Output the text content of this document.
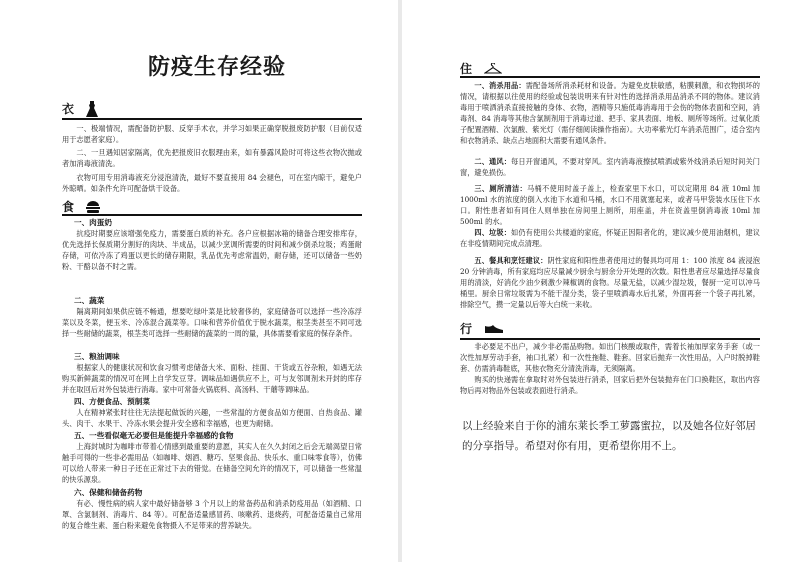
防疫生存经验
衣

一、极端情况，需配备防护服、反穿手术衣，并学习如果正确穿脱报废防护服（目前仅适用于志愿者家庭）。

二、一旦遇知居家隔离，优先把报废旧衣服理由来，如有暴露风险时可将这些衣物次抛或者加消毒液清洗。

衣物可用专用消毒液充分浸泡清洗，最好不要直接用 84 会褪色，可在室内晾干，避免户外晾晒。如条件允许可配备烘干设备。

食

一、肉蛋奶

抗疫时期要应该增强免疫力，需要蛋白质的补充。各户应根据冰箱的储备合理安排库存，优先选择长保质期分割好的肉块、半成品，以减少烹调所需要的时间和减少倒杀垃圾；鸡蛋耐存储，可依冷冻了鸡蛋以更长的储存期限，乳品优先考虑常温奶，耐存储，还可以储备一些奶粉、干酪以备不时之需。

二、蔬菜

隔离期间如果供应链不畅通，想要吃绿叶菜是比较奢侈的，家庭储备可以选择一些冷冻浮菜以及冬菜，便玉米、冷冻混合蔬菜等。口味和营养价值优于脱水蔬菜，根茎类甚至不同可选择一些耐储的蔬菜，根茎类可选择一些耐储的蔬菜的一周的量，具体需要看家庭的保存条件。

三、粮油调味

根据家人的健康状况和饮食习惯考虑储备大米、面粉、挂面、干货或五谷杂粮，如遇无法购买新鲜蔬菜的情况可在网上自学发豆芽。调味品如遇供应不上，可与友邻调剂未开封的库存并在取回后对外包装进行消毒。家中可常备火锅底料、高汤料、干蘑等调味品。

四、方便食品、预制菜

人在精神紧张时往往无法提起做饭的兴趣，一些常温的方便食品如方便面、自热食品、罐头、肉干、水果干、冷冻水果会提升安全感和幸福感，也更为耐储。

五、一些看似毫无必要但是能提升幸福感的食物

上海封城时为咖啡市带着心情感到最重要的意愿，其实人在久久封闭之后会无端渴望日常触手可得的一些非必需用品（如咖啡、烟酒、糖巧、坚果食品、快乐水、重口味零食等），仿佛可以给人带来一种日子还在正常过下去的错觉。在储备空间允许的情况下，可以储备一些常温的快乐源泉。

六、保健和储备药物

有必、慢性病的病人家中最好储备够 3 个月以上的常备药品和消杀防疫用品（如酒精、口罩、含氯制剂、消毒片、84 等）。可配备适量感冒药、咳嗽药、退烧药，可配备适量自己常用的复合维生素、蛋白粉来避免食物摄入不足带来的营养缺失。

住

一、消杀用品：需配备场所消杀耗材和设备。为避免皮肤敏感，粘膜刺激，和衣物损坏的情况，请根据以往使用的经验或包装说明来有针对性的选择消杀用品消杀不同的物体。建议消毒用于喷洒消杀直接接触的身体、衣物，酒精等只施低毒消毒用于会伤的物体表面和空间，消毒剂、84 消毒等其他含氯制剂用于消毒过道、把手、家具表面、地板、厕所等场所。过氧化质子配置酒精、次氯酸、紫光灯（需仔细阅读操作指南）。大功率紫光灯车消杀范围广，适合室内和衣物消杀、缺点占地面积大需要有通风条件。

二、通风：每日开窗通风，不要对穿风。室内消毒液擦拭喷洒或紫外线消杀后短时间关门窗，避免损伤。

三、厕所清洁：马桶不使用时盖子盖上，检查家里下水口，可以定期用 84 液 10ml 加 1000ml 水的浓度的倒入水池下水道和马桶，水口不用就塞起来，或者马甲袋装水压住下水口。附性患者如有同住人则单独在房间里上厕所，用座盖，并在资盖里倒消毒液 10ml 加 500ml 的水。

四、垃圾：如仍有使用公共楼道的家庭，怀疑正因阳者化的，建议减少使用油烟机，建议在非疫情期间完成点清理。

五、餐具和烹饪建议：阴性家庭和阳性患者使用过的餐具均可用 1：100 浓度 84 液浸泡 20 分钟消毒，所有家庭均应尽量减少厨余与厨余分开处理的次数。阳性患者应尽量选择尽量食用的清淡，好消化少油少刺激少辣椒调的食物。尽量无盐，以减少湿垃圾，餐厨一定可以冲马桶里。厨余日常垃圾需为不能干湿分类，袋子里喷洒毒水后扎紧，外面再套一个袋子再扎紧，排除空气，攒一定量以后等大白统一来收。

行

非必要足不出户，减少非必需品购物。如出门核酸或取件，需着长袖加厚家务手套（或一次性加厚劳动手套，袖口扎紧）和一次性拖鞋、鞋套。回家后抛弃一次性用品，入户时脱掉鞋套、仿需消毒鞋底，其他衣物充分清洗消毒，无须隔离。

购买的快递需在拿取时对外包装进行消杀，回家后把外包装抛弃在门口换鞋区，取出内容物后再对物品外包装或表面进行消杀。

以上经验来自于你的浦东莱长季工萝露蜜拉，以及她各位好邻居的分享指导。希望对你有用，更希望你用不上。
